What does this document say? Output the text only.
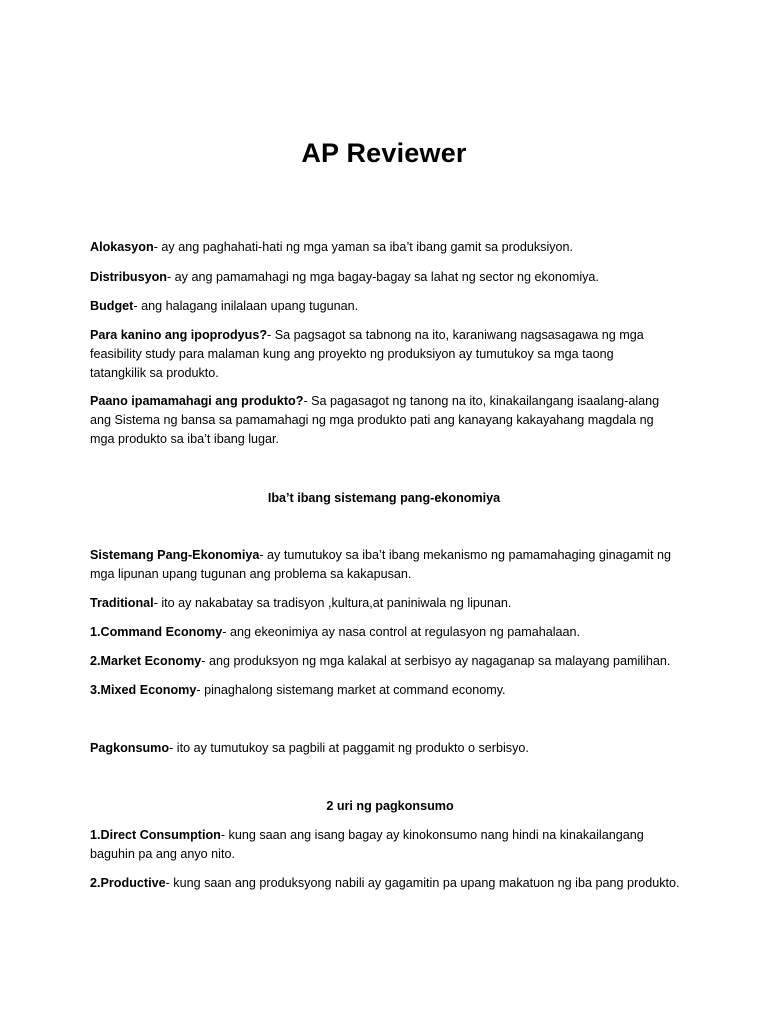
AP Reviewer

Alokasyon- ay ang paghahati-hati ng mga yaman sa iba’t ibang gamit sa produksiyon.

Distribusyon- ay ang pamamahagi ng mga bagay-bagay sa lahat ng sector ng ekonomiya.

Budget- ang halagang inilalaan upang tugunan.

Para kanino ang ipoprodyus?- Sa pagsagot sa tabnong na ito, karaniwang nagsasagawa ng mga feasibility study para malaman kung ang proyekto ng produksiyon ay tumutukoy sa mga taong tatangkilik sa produkto.

Paano ipamamahagi ang produkto?- Sa pagasagot ng tanong na ito, kinakailangang isaalang-alang ang Sistema ng bansa sa pamamahagi ng mga produkto pati ang kanayang kakayahang magdala ng mga produkto sa iba’t ibang lugar.

Iba’t ibang sistemang pang-ekonomiya

Sistemang Pang-Ekonomiya- ay tumutukoy sa iba’t ibang mekanismo ng pamamahaging ginagamit ng mga lipunan upang tugunan ang problema sa kakapusan.

Traditional- ito ay nakabatay sa tradisyon ,kultura,at paniniwala ng lipunan.

1.Command Economy- ang ekeonimiya ay nasa control at regulasyon ng pamahalaan.

2.Market Economy- ang produksyon ng mga kalakal at serbisyo ay nagaganap sa malayang pamilihan.

3.Mixed Economy- pinaghalong sistemang market at command economy.

Pagkonsumo- ito ay tumutukoy sa pagbili at paggamit ng produkto o serbisyo.

2 uri ng pagkonsumo

1.Direct Consumption- kung saan ang isang bagay ay kinokonsumo nang hindi na kinakailangang baguhin pa ang anyo nito.

2.Productive- kung saan ang produksyong nabili ay gagamitin pa upang makatuon ng iba pang produkto.
